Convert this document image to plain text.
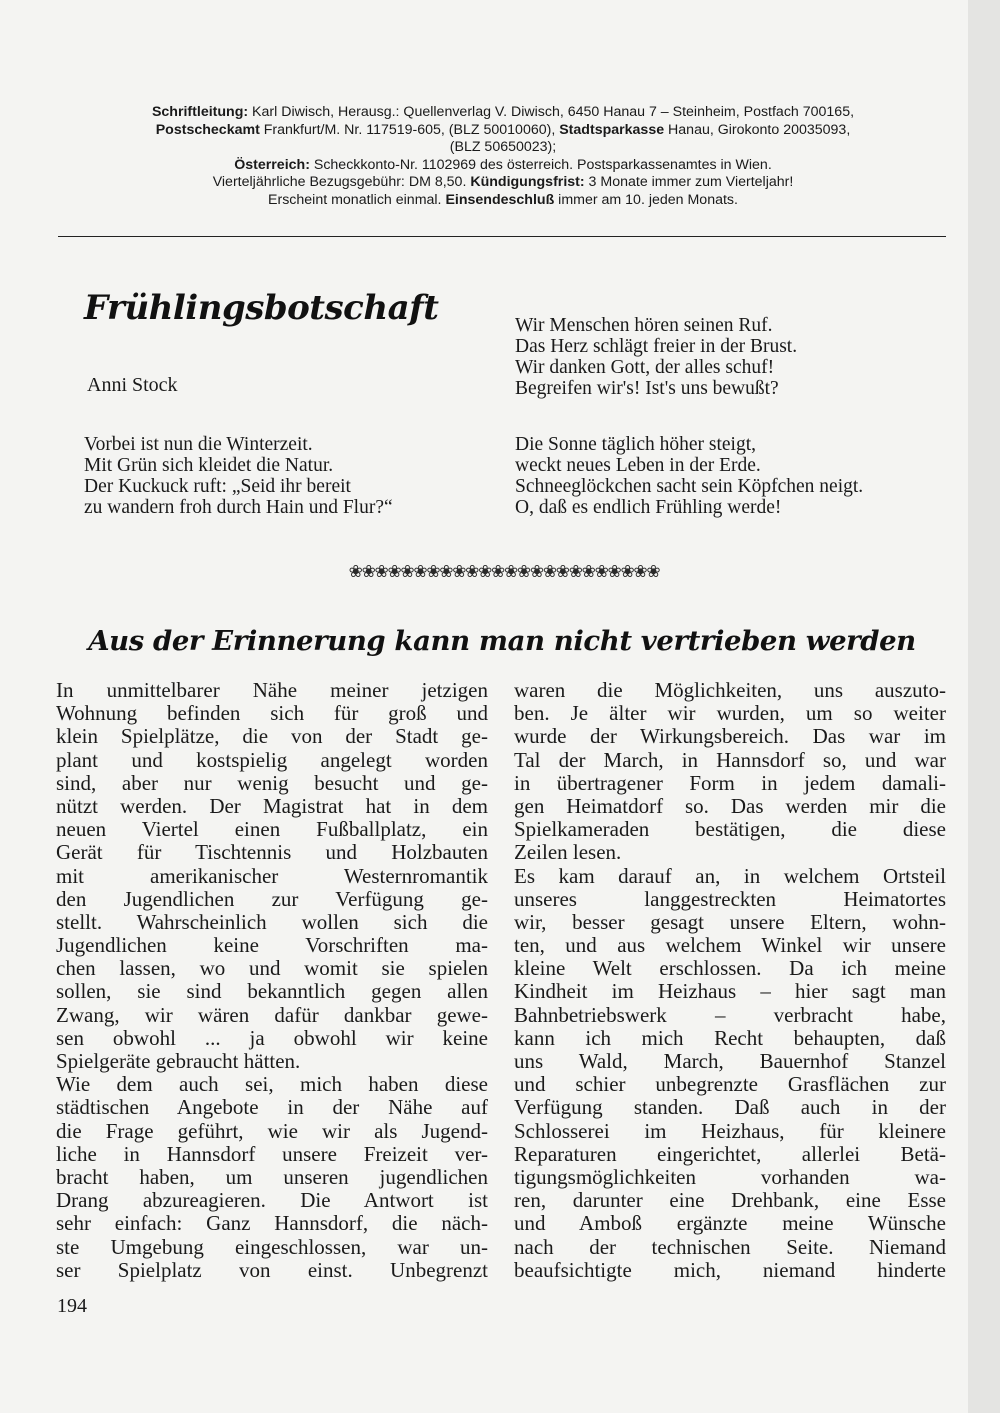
Schriftleitung: Karl Diwisch, Herausg.: Quellenverlag V. Diwisch, 6450 Hanau 7 – Steinheim, Postfach 700165,
Postscheckamt Frankfurt/M. Nr. 117519-605, (BLZ 50010060), Stadtsparkasse Hanau, Girokonto 20035093,
(BLZ 50650023);
Österreich: Scheckkonto-Nr. 1102969 des österreich. Postsparkassenamtes in Wien.
Vierteljährliche Bezugsgebühr: DM 8,50. Kündigungsfrist: 3 Monate immer zum Vierteljahr!
Erscheint monatlich einmal. Einsendeschluß immer am 10. jeden Monats.
Frühlingsbotschaft
Anni Stock
Vorbei ist nun die Winterzeit.
Mit Grün sich kleidet die Natur.
Der Kuckuck ruft: „Seid ihr bereit
zu wandern froh durch Hain und Flur?“
Wir Menschen hören seinen Ruf.
Das Herz schlägt freier in der Brust.
Wir danken Gott, der alles schuf!
Begreifen wir's! Ist's uns bewußt?
Die Sonne täglich höher steigt,
weckt neues Leben in der Erde.
Schneeglöckchen sacht sein Köpfchen neigt.
O, daß es endlich Frühling werde!
❀❀❀❀❀❀❀❀❀❀❀❀❀❀❀❀❀❀❀❀❀❀❀❀
Aus der Erinnerung kann man nicht vertrieben werden
In unmittelbarer Nähe meiner jetzigen
Wohnung befinden sich für groß und
klein Spielplätze, die von der Stadt ge-
plant und kostspielig angelegt worden
sind, aber nur wenig besucht und ge-
nützt werden. Der Magistrat hat in dem
neuen Viertel einen Fußballplatz, ein
Gerät für Tischtennis und Holzbauten
mit amerikanischer Westernromantik
den Jugendlichen zur Verfügung ge-
stellt. Wahrscheinlich wollen sich die
Jugendlichen keine Vorschriften ma-
chen lassen, wo und womit sie spielen
sollen, sie sind bekanntlich gegen allen
Zwang, wir wären dafür dankbar gewe-
sen obwohl ... ja obwohl wir keine
Spielgeräte gebraucht hätten.
Wie dem auch sei, mich haben diese
städtischen Angebote in der Nähe auf
die Frage geführt, wie wir als Jugend-
liche in Hannsdorf unsere Freizeit ver-
bracht haben, um unseren jugendlichen
Drang abzureagieren. Die Antwort ist
sehr einfach: Ganz Hannsdorf, die näch-
ste Umgebung eingeschlossen, war un-
ser Spielplatz von einst. Unbegrenzt
waren die Möglichkeiten, uns auszuto-
ben. Je älter wir wurden, um so weiter
wurde der Wirkungsbereich. Das war im
Tal der March, in Hannsdorf so, und war
in übertragener Form in jedem damali-
gen Heimatdorf so. Das werden mir die
Spielkameraden bestätigen, die diese
Zeilen lesen.
Es kam darauf an, in welchem Ortsteil
unseres langgestreckten Heimatortes
wir, besser gesagt unsere Eltern, wohn-
ten, und aus welchem Winkel wir unsere
kleine Welt erschlossen. Da ich meine
Kindheit im Heizhaus – hier sagt man
Bahnbetriebswerk – verbracht habe,
kann ich mich Recht behaupten, daß
uns Wald, March, Bauernhof Stanzel
und schier unbegrenzte Grasflächen zur
Verfügung standen. Daß auch in der
Schlosserei im Heizhaus, für kleinere
Reparaturen eingerichtet, allerlei Betä-
tigungsmöglichkeiten vorhanden wa-
ren, darunter eine Drehbank, eine Esse
und Amboß ergänzte meine Wünsche
nach der technischen Seite. Niemand
beaufsichtigte mich, niemand hinderte
194
